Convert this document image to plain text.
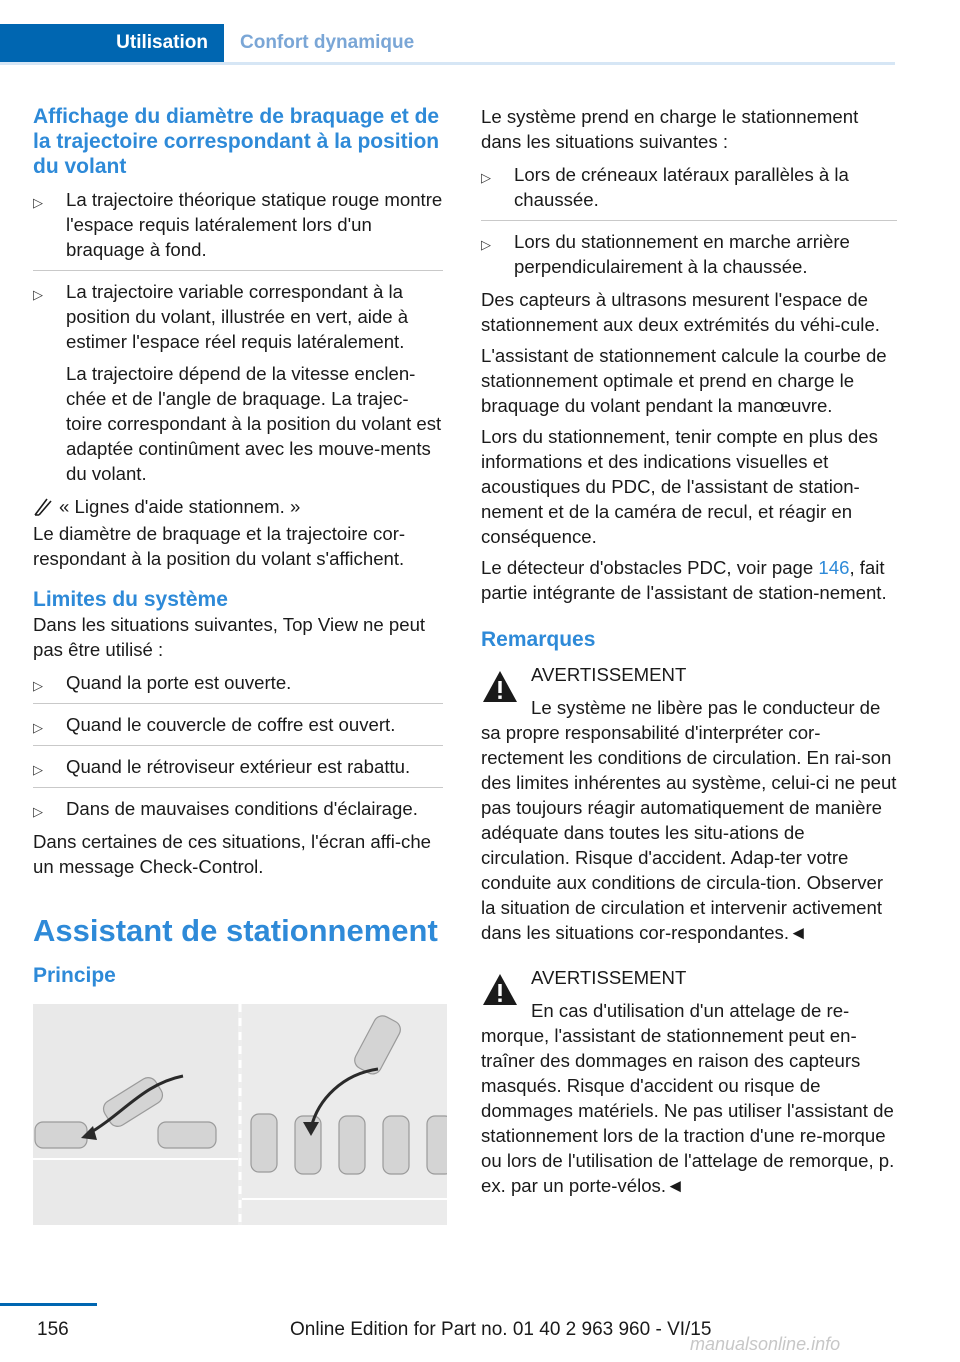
Utilisation	Confort dynamique
Affichage du diamètre de braquage et de la trajectoire correspondant à la position du volant
▷ La trajectoire théorique statique rouge montre l'espace requis latéralement lors d'un braquage à fond.

▷ La trajectoire variable correspondant à la position du volant, illustrée en vert, aide à estimer l'espace réel requis latéralement.

La trajectoire dépend de la vitesse enclen‐chée et de l'angle de braquage. La trajec‐toire correspondant à la position du volant est adaptée continûment avec les mouve‐ments du volant.

« Lignes d'aide stationnem. »

Le diamètre de braquage et la trajectoire cor‐respondant à la position du volant s'affichent.

Limites du système

Dans les situations suivantes, Top View ne peut pas être utilisé :

▷ Quand la porte est ouverte.

▷ Quand le couvercle de coffre est ouvert.

▷ Quand le rétroviseur extérieur est rabattu.

▷ Dans de mauvaises conditions d'éclairage.

Dans certaines de ces situations, l'écran affi‐che un message Check-Control.

Assistant de stationnement
Principe

Le système prend en charge le stationnement dans les situations suivantes :

▷ Lors de créneaux latéraux parallèles à la chaussée.

▷ Lors du stationnement en marche arrière perpendiculairement à la chaussée.

Des capteurs à ultrasons mesurent l'espace de stationnement aux deux extrémités du véhi‐cule.

L'assistant de stationnement calcule la courbe de stationnement optimale et prend en charge le braquage du volant pendant la manœuvre.

Lors du stationnement, tenir compte en plus des informations et des indications visuelles et acoustiques du PDC, de l'assistant de station‐nement et de la caméra de recul, et réagir en conséquence.

Le détecteur d'obstacles PDC, voir page 146, fait partie intégrante de l'assistant de station‐nement.

Remarques

AVERTISSEMENT

Le système ne libère pas le conducteur de sa propre responsabilité d'interpréter cor‐rectement les conditions de circulation. En rai‐son des limites inhérentes au système, celui-ci ne peut pas toujours réagir automatiquement de manière adéquate dans toutes les situ‐ations de circulation. Risque d'accident. Adap‐ter votre conduite aux conditions de circula‐tion. Observer la situation de circulation et intervenir activement dans les situations cor‐respondantes.◄

AVERTISSEMENT

En cas d'utilisation d'un attelage de re‐morque, l'assistant de stationnement peut en‐traîner des dommages en raison des capteurs masqués. Risque d'accident ou risque de dommages matériels. Ne pas utiliser l'assistant de stationnement lors de la traction d'une re‐morque ou lors de l'utilisation de l'attelage de remorque, p. ex. par un porte-vélos.◄

156	Online Edition for Part no. 01 40 2 963 960 - VI/15
manualsonline.info
